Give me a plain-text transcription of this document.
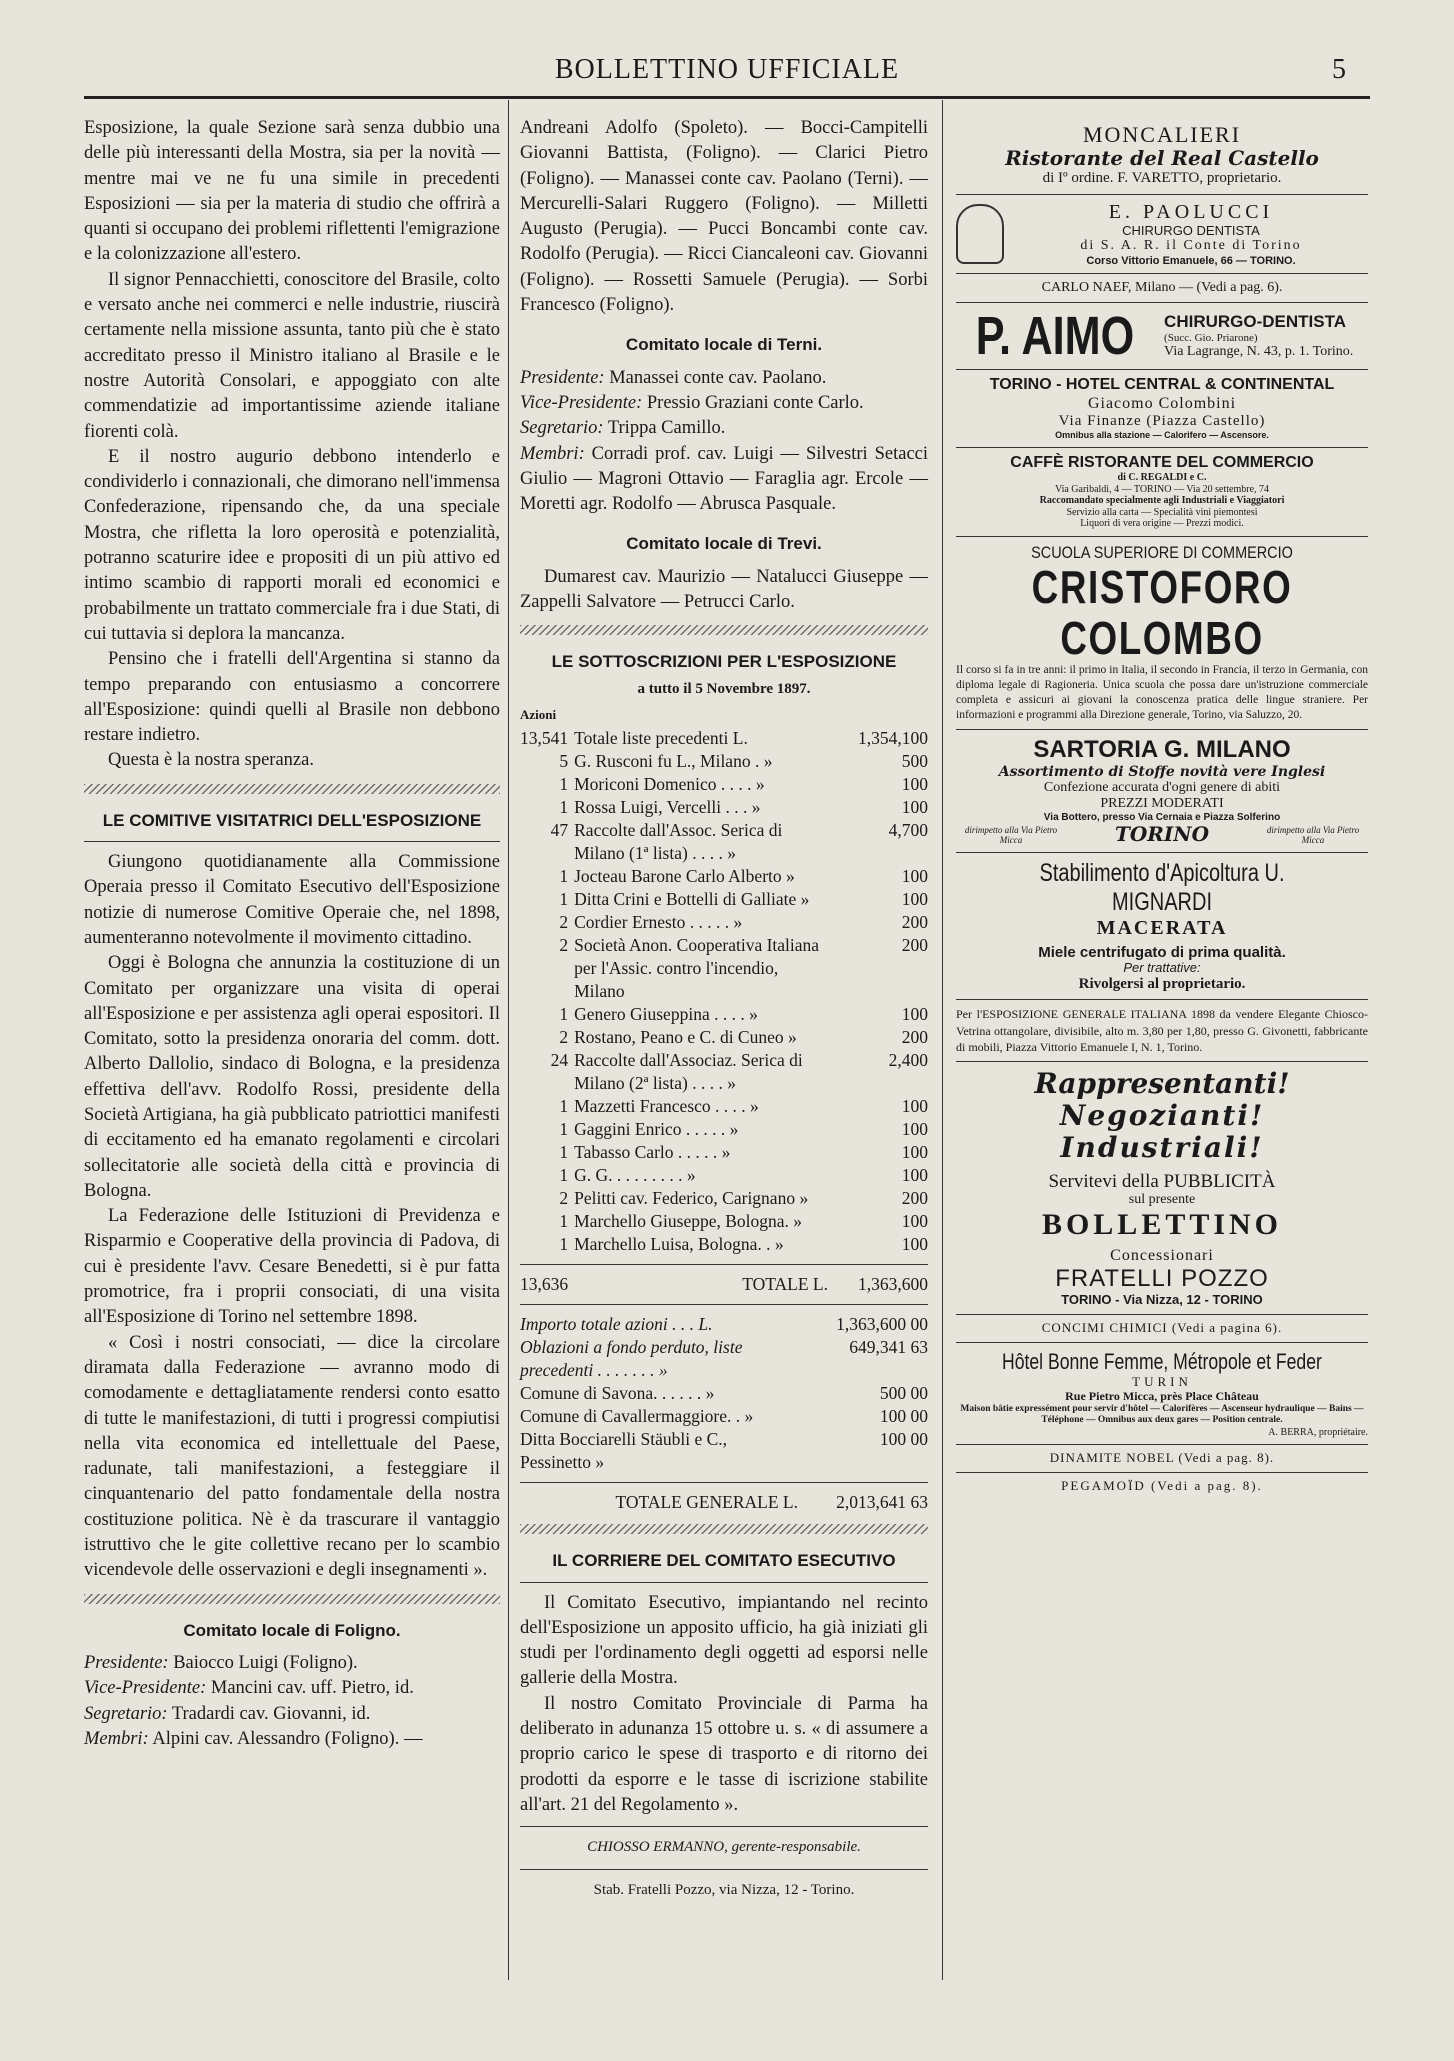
BOLLETTINO UFFICIALE	5

Esposizione, la quale Sezione sarà senza dubbio una delle più interessanti della Mostra, sia per la novità — mentre mai ve ne fu una simile in precedenti Esposizioni — sia per la materia di studio che offrirà a quanti si occupano dei problemi riflettenti l'emigrazione e la colonizzazione all'estero.

Il signor Pennacchietti, conoscitore del Brasile, colto e versato anche nei commerci e nelle industrie, riuscirà certamente nella missione assunta, tanto più che è stato accreditato presso il Ministro italiano al Brasile e le nostre Autorità Consolari, e appoggiato con alte commendatizie ad importantissime aziende italiane fiorenti colà.

E il nostro augurio debbono intenderlo e condividerlo i connazionali, che dimorano nell'immensa Confederazione, ripensando che, da una speciale Mostra, che rifletta la loro operosità e potenzialità, potranno scaturire idee e propositi di un più attivo ed intimo scambio di rapporti morali ed economici e probabilmente un trattato commerciale fra i due Stati, di cui tuttavia si deplora la mancanza.

Pensino che i fratelli dell'Argentina si stanno da tempo preparando con entusiasmo a concorrere all'Esposizione: quindi quelli al Brasile non debbono restare indietro.

Questa è la nostra speranza.

LE COMITIVE VISITATRICI DELL'ESPOSIZIONE

Giungono quotidianamente alla Commissione Operaia presso il Comitato Esecutivo dell'Esposizione notizie di numerose Comitive Operaie che, nel 1898, aumenteranno notevolmente il movimento cittadino.

Oggi è Bologna che annunzia la costituzione di un Comitato per organizzare una visita di operai all'Esposizione e per assistenza agli operai espositori. Il Comitato, sotto la presidenza onoraria del comm. dott. Alberto Dallolio, sindaco di Bologna, e la presidenza effettiva dell'avv. Rodolfo Rossi, presidente della Società Artigiana, ha già pubblicato patriottici manifesti di eccitamento ed ha emanato regolamenti e circolari sollecitatorie alle società della città e provincia di Bologna.

La Federazione delle Istituzioni di Previdenza e Risparmio e Cooperative della provincia di Padova, di cui è presidente l'avv. Cesare Benedetti, si è pur fatta promotrice, fra i proprii consociati, di una visita all'Esposizione di Torino nel settembre 1898.

« Così i nostri consociati, — dice la circolare diramata dalla Federazione — avranno modo di comodamente e dettagliatamente rendersi conto esatto di tutte le manifestazioni, di tutti i progressi compiutisi nella vita economica ed intellettuale del Paese, radunate, tali manifestazioni, a festeggiare il cinquantenario del patto fondamentale della nostra costituzione politica. Nè è da trascurare il vantaggio istruttivo che le gite collettive recano per lo scambio vicendevole delle osservazioni e degli insegnamenti ».

Comitato locale di Foligno.

Presidente: Baiocco Luigi (Foligno).

Vice-Presidente: Mancini cav. uff. Pietro, id.

Segretario: Tradardi cav. Giovanni, id.

Membri: Alpini cav. Alessandro (Foligno). —

Andreani Adolfo (Spoleto). — Bocci-Campitelli Giovanni Battista, (Foligno). — Clarici Pietro (Foligno). — Manassei conte cav. Paolano (Terni). — Mercurelli-Salari Ruggero (Foligno). — Milletti Augusto (Perugia). — Pucci Boncambi conte cav. Rodolfo (Perugia). — Ricci Ciancaleoni cav. Giovanni (Foligno). — Rossetti Samuele (Perugia). — Sorbi Francesco (Foligno).

Comitato locale di Terni.

Presidente: Manassei conte cav. Paolano.

Vice-Presidente: Pressio Graziani conte Carlo.

Segretario: Trippa Camillo.

Membri: Corradi prof. cav. Luigi — Silvestri Setacci Giulio — Magroni Ottavio — Faraglia agr. Ercole — Moretti agr. Rodolfo — Abrusca Pasquale.

Comitato locale di Trevi.

Dumarest cav. Maurizio — Natalucci Giuseppe — Zappelli Salvatore — Petrucci Carlo.

LE SOTTOSCRIZIONI PER L'ESPOSIZIONE
a tutto il 5 Novembre 1897.
Azioni
13,541	Totale liste precedenti L.	1,354,100
5	G. Rusconi fu L., Milano . »	500
1	Moriconi Domenico . . . . »	100
1	Rossa Luigi, Vercelli . . . »	100
47	Raccolte dall'Assoc. Serica di Milano (1ª lista) . . . . »	4,700
1	Jocteau Barone Carlo Alberto »	100
1	Ditta Crini e Bottelli di Galliate »	100
2	Cordier Ernesto . . . . . »	200
2	Società Anon. Cooperativa Italiana per l'Assic. contro l'incendio, Milano	200
1	Genero Giuseppina . . . . »	100
2	Rostano, Peano e C. di Cuneo »	200
24	Raccolte dall'Associaz. Serica di Milano (2ª lista) . . . . »	2,400
1	Mazzetti Francesco . . . . »	100
1	Gaggini Enrico . . . . . »	100
1	Tabasso Carlo . . . . . »	100
1	G. G. . . . . . . . . »	100
2	Pelitti cav. Federico, Carignano »	200
1	Marchello Giuseppe, Bologna. »	100
1	Marchello Luisa, Bologna. . »	100
13,636	TOTALE L.	1,363,600
Importo totale azioni . . . L.	1,363,600 00
Oblazioni a fondo perduto, liste precedenti . . . . . . . »	649,341 63
Comune di Savona. . . . . . »	500 00
Comune di Cavallermaggiore. . »	100 00
Ditta Bocciarelli Stäubli e C., Pessinetto »	100 00
TOTALE GENERALE L.	2,013,641 63
IL CORRIERE DEL COMITATO ESECUTIVO

Il Comitato Esecutivo, impiantando nel recinto dell'Esposizione un apposito ufficio, ha già iniziati gli studi per l'ordinamento degli oggetti ad esporsi nelle gallerie della Mostra.

Il nostro Comitato Provinciale di Parma ha deliberato in adunanza 15 ottobre u. s. « di assumere a proprio carico le spese di trasporto e di ritorno dei prodotti da esporre e le tasse di iscrizione stabilite all'art. 21 del Regolamento ».

CHIOSSO ERMANNO, gerente-responsabile.
Stab. Fratelli Pozzo, via Nizza, 12 - Torino.
MONCALIERI
Ristorante del Real Castello
di Iº ordine. F. VARETTO, proprietario.
E. PAOLUCCI
CHIRURGO DENTISTA
di S. A. R. il Conte di Torino
Corso Vittorio Emanuele, 66 — TORINO.
CARLO NAEF, Milano — (Vedi a pag. 6).
P. AIMO CHIRURGO-DENTISTA
(Succ. Gio. Priarone)
Via Lagrange, N. 43, p. 1. Torino.
TORINO - HOTEL CENTRAL & CONTINENTAL
Giacomo Colombini
Via Finanze (Piazza Castello)
Omnibus alla stazione — Calorifero — Ascensore.
CAFFÈ RISTORANTE DEL COMMERCIO
di C. REGALDI e C.
Via Garibaldi, 4 — TORINO — Via 20 settembre, 74
Raccomandato specialmente agli Industriali e Viaggiatori
Servizio alla carta — Specialità vini piemontesi
Liquori di vera origine — Prezzi modici.
SCUOLA SUPERIORE DI COMMERCIO
CRISTOFORO COLOMBO
Il corso si fa in tre anni: il primo in Italia, il secondo in Francia, il terzo in Germania, con diploma legale di Ragioneria. Unica scuola che possa dare un'istruzione commerciale completa e assicuri ai giovani la conoscenza pratica delle lingue straniere. Per informazioni e programmi alla Direzione generale, Torino, via Saluzzo, 20.
SARTORIA G. MILANO
Assortimento di Stoffe novità vere Inglesi
Confezione accurata d'ogni genere di abiti
PREZZI MODERATI
Via Bottero, presso Via Cernaia e Piazza Solferino
dirimpetto alla Via Pietro Micca	TORINO	dirimpetto alla Via Pietro Micca
Stabilimento d'Apicoltura U. MIGNARDI
MACERATA
Miele centrifugato di prima qualità.
Per trattative:
Rivolgersi al proprietario.
Per l'ESPOSIZIONE GENERALE ITALIANA 1898 da vendere Elegante Chiosco-Vetrina ottangolare, divisibile, alto m. 3,80 per 1,80, presso G. Givonetti, fabbricante di mobili, Piazza Vittorio Emanuele I, N. 1, Torino.
Rappresentanti!
Negozianti!
Industriali!
Servitevi della PUBBLICITÀ
sul presente
BOLLETTINO
Concessionari
FRATELLI POZZO
TORINO - Via Nizza, 12 - TORINO
CONCIMI CHIMICI (Vedi a pagina 6).
Hôtel Bonne Femme, Métropole et Feder
TURIN
Rue Pietro Micca, près Place Château
Maison bâtie expressément pour servir d'hôtel — Calorifères — Ascenseur hydraulique — Bains — Téléphone — Omnibus aux deux gares — Position centrale.
A. BERRA, propriétaire.
DINAMITE NOBEL (Vedi a pag. 8).
PEGAMOÏD (Vedi a pag. 8).
